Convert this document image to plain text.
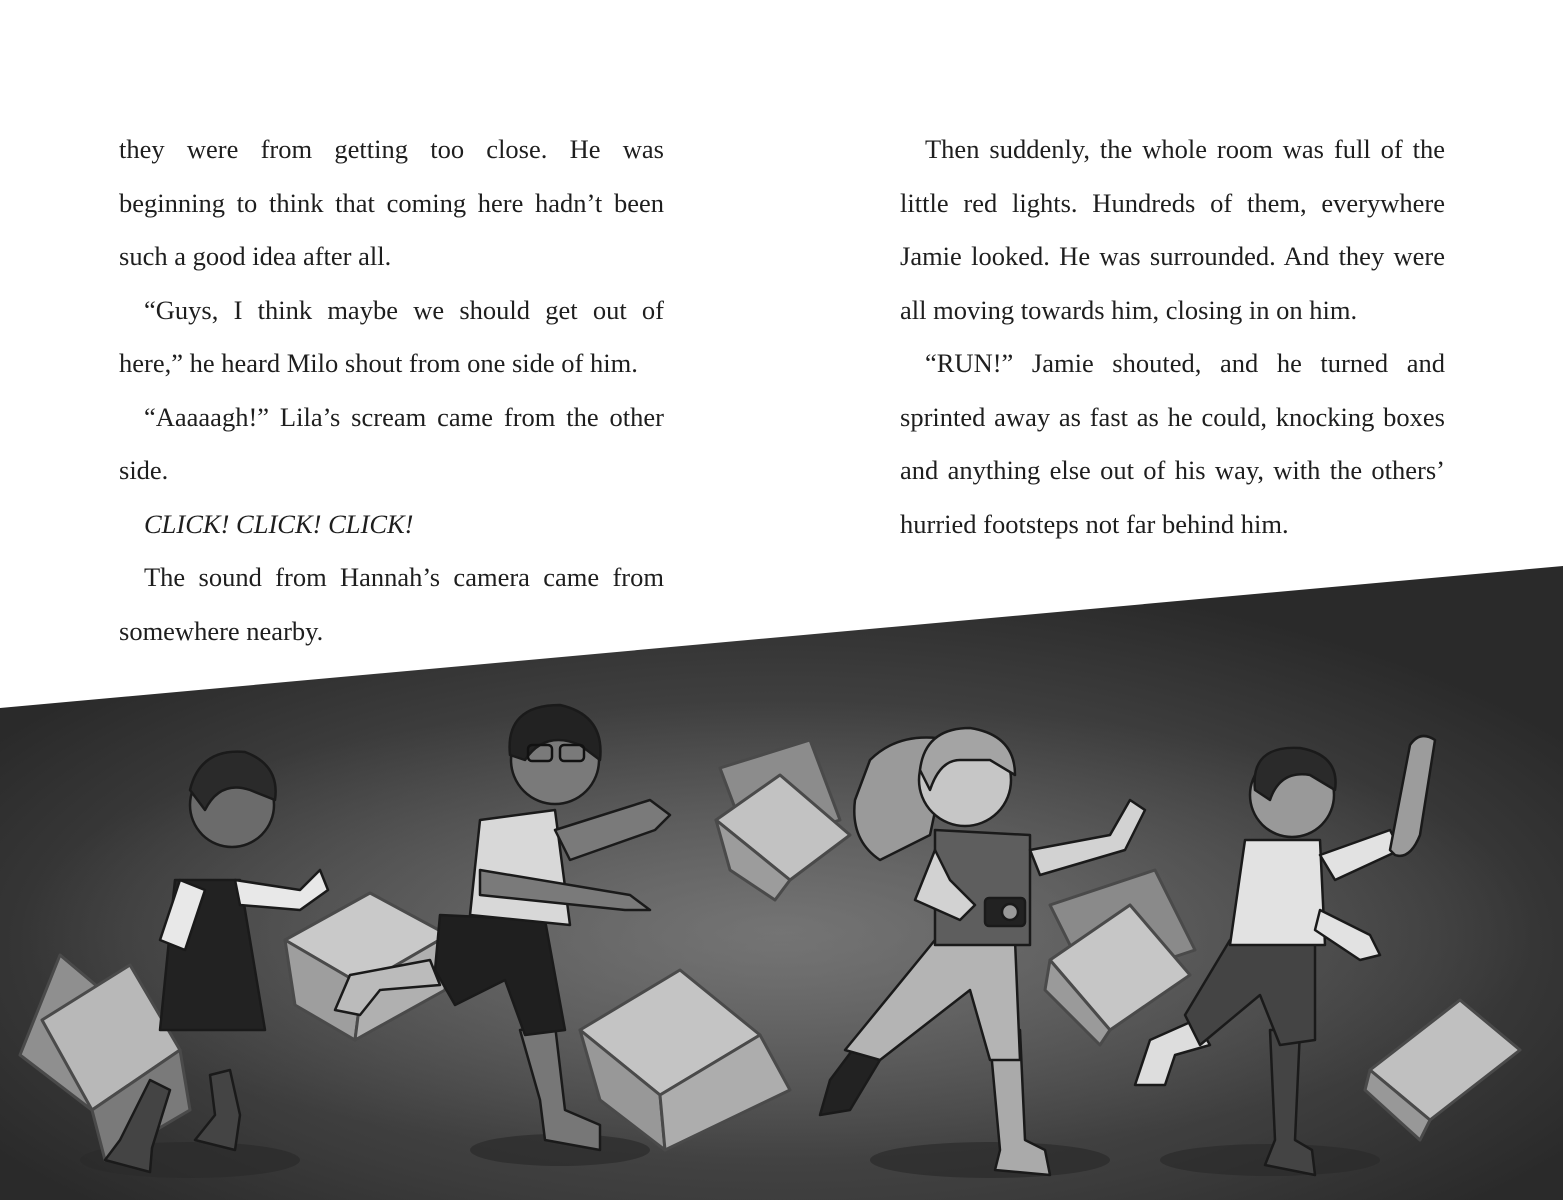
they were from getting too close. He was beginning to think that coming here hadn’t been such a good idea after all.

“Guys, I think maybe we should get out of here,” he heard Milo shout from one side of him.

“Aaaaagh!” Lila’s scream came from the other side.

CLICK! CLICK! CLICK!

The sound from Hannah’s camera came from somewhere nearby.

Then suddenly, the whole room was full of the little red lights. Hundreds of them, everywhere Jamie looked. He was surrounded. And they were all moving towards him, closing in on him.

“RUN!” Jamie shouted, and he turned and sprinted away as fast as he could, knocking boxes and anything else out of his way, with the others’ hurried footsteps not far behind him.
